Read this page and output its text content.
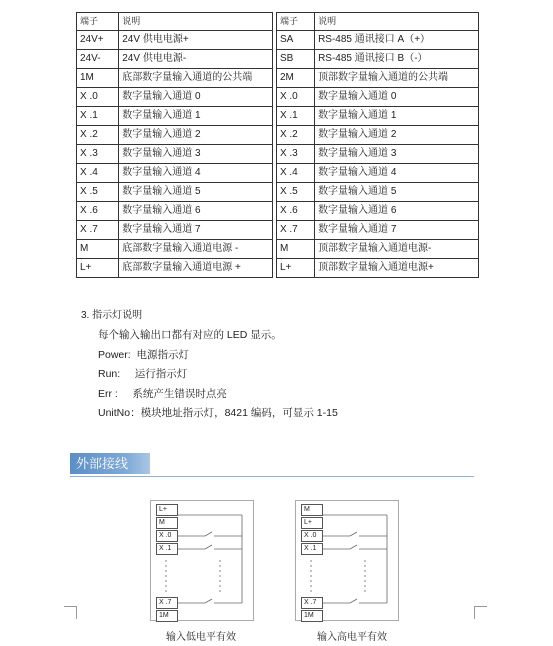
端子	说明		端子	说明
24V+	24V 供电电源+		SA	RS-485 通讯接口 A（+）
24V-	24V 供电电源-		SB	RS-485 通讯接口 B（-）
1M	底部数字量输入通道的公共端		2M	顶部数字量输入通道的公共端
X .0	数字量输入通道 0		X .0	数字量输入通道 0
X .1	数字量输入通道 1		X .1	数字量输入通道 1
X .2	数字量输入通道 2		X .2	数字量输入通道 2
X .3	数字量输入通道 3		X .3	数字量输入通道 3
X .4	数字量输入通道 4		X .4	数字量输入通道 4
X .5	数字量输入通道 5		X .5	数字量输入通道 5
X .6	数字量输入通道 6		X .6	数字量输入通道 6
X .7	数字量输入通道 7		X .7	数字量输入通道 7
M	底部数字量输入通道电源 -		M	顶部数字量输入通道电源-
L+	底部数字量输入通道电源 +		L+	顶部数字量输入通道电源+
3. 指示灯说明
每个输入输出口都有对应的 LED 显示。
Power:  电源指示灯
Run:     运行指示灯
Err :     系统产生错误时点亮
UnitNo：模块地址指示灯，8421 编码，可显示 1-15
外部接线
L+
M
X .0
X .1
X .7
1M
M
L+
X .0
X .1
X .7
1M
输入低电平有效	输入高电平有效
